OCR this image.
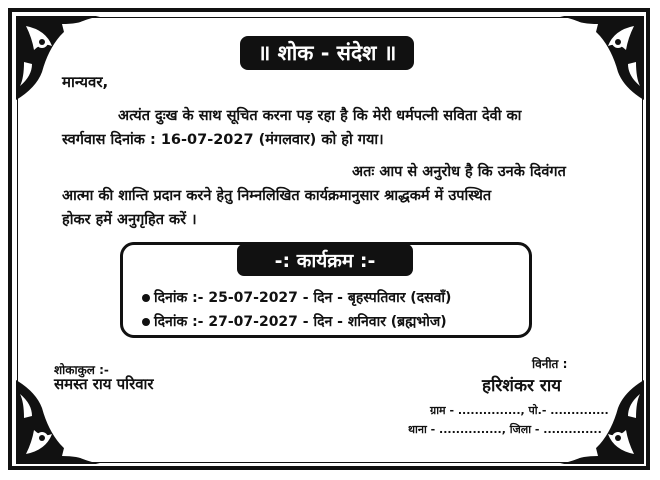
॥ शोक - संदेश ॥
मान्यवर,
अत्यंत दुःख के साथ सूचित करना पड़ रहा है कि मेरी धर्मपत्नी सविता देवी का
स्वर्गवास दिनांक : 16-07-2027 (मंगलवार) को हो गया।
अतः आप से अनुरोध है कि उनके दिवंगत
आत्मा की शान्ति प्रदान करने हेतु निम्नलिखित कार्यक्रमानुसार श्राद्धकर्म में उपस्थित
होकर हमें अनुगृहित करें ।
-: कार्यक्रम :-
दिनांक :- 25-07-2027 - दिन - बृहस्पतिवार (दसवाँ)
दिनांक :- 27-07-2027 - दिन - शनिवार (ब्रह्मभोज)
शोकाकुल :-
समस्त राय परिवार
विनीत :
हरिशंकर राय
ग्राम - ..............., पो.- ..............
थाना - ..............., जिला - ..............
